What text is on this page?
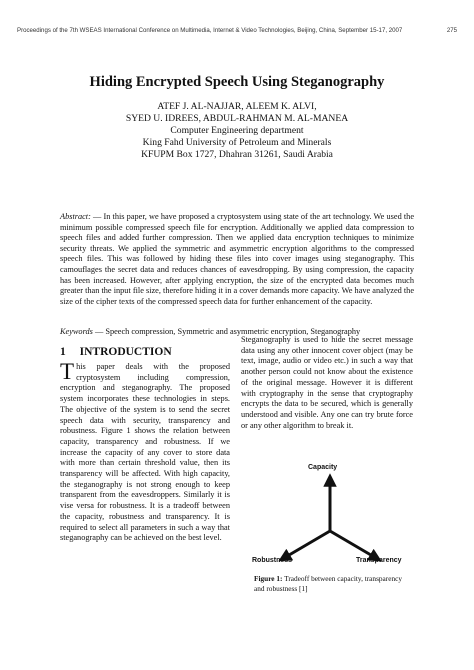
Proceedings of the 7th WSEAS International Conference on Multimedia, Internet & Video Technologies, Beijing, China, September 15-17, 2007	275
Hiding Encrypted Speech Using Steganography
ATEF J. AL-NAJJAR, ALEEM K. ALVI,
SYED U. IDREES, ABDUL-RAHMAN M. AL-MANEA
Computer Engineering department
King Fahd University of Petroleum and Minerals
KFUPM Box 1727, Dhahran 31261, Saudi Arabia
Abstract: — In this paper, we have proposed a cryptosystem using state of the art technology. We used the minimum possible compressed speech file for encryption. Additionally we applied data compression to speech files and added further compression. Then we applied data encryption techniques to minimize security threats. We applied the symmetric and asymmetric encryption algorithms to the compressed speech files. This was followed by hiding these files into cover images using steganography. This camouflages the secret data and reduces chances of eavesdropping. By using compression, the capacity has been increased. However, after applying encryption, the size of the encrypted data becomes much greater than the input file size, therefore hiding it in a cover demands more capacity. We have analyzed the size of the cipher texts of the compressed speech data for further enhancement of the capacity.
Keywords — Speech compression, Symmetric and asymmetric encryption, Steganography
1 INTRODUCTION
T his paper deals with the proposed cryptosystem including compression, encryption and steganography. The proposed system incorporates these technologies in steps. The objective of the system is to send the secret speech data with security, transparency and robustness. Figure 1 shows the relation between capacity, transparency and robustness. If we increase the capacity of any cover to store data with more than certain threshold value, then its transparency will be affected. With high capacity, the steganography is not strong enough to keep transparent from the eavesdroppers. Similarly it is vise versa for robustness. It is a tradeoff between the capacity, robustness and transparency. It is required to select all parameters in such a way that steganography can be achieved on the best level.
Steganography is used to hide the secret message data using any other innocent cover object (may be text, image, audio or video etc.) in such a way that another person could not know about the existence of the original message. However it is different with cryptography in the sense that cryptography encrypts the data to be secured, which is generally understood and visible. Any one can try brute force or any other algorithm to break it.
Capacity
Robustness	Transparency
Figure 1: Tradeoff between capacity, transparency and robustness [1]
